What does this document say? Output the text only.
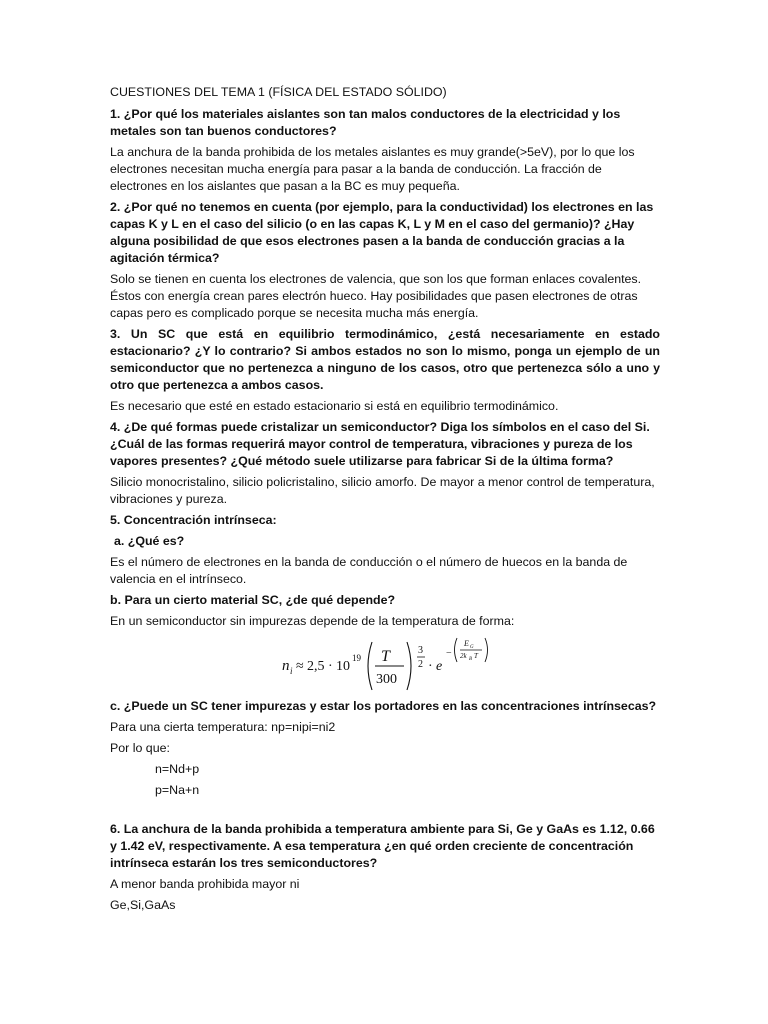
CUESTIONES DEL TEMA 1 (FÍSICA DEL ESTADO SÓLIDO)

1. ¿Por qué los materiales aislantes son tan malos conductores de la electricidad y los metales son tan buenos conductores?

La anchura de la banda prohibida de los metales aislantes es muy grande(>5eV), por lo que los electrones necesitan mucha energía para pasar a la banda de conducción. La fracción de electrones en los aislantes que pasan a la BC es muy pequeña.

2. ¿Por qué no tenemos en cuenta (por ejemplo, para la conductividad) los electrones en las capas K y L en el caso del silicio (o en las capas K, L y M en el caso del germanio)? ¿Hay alguna posibilidad de que esos electrones pasen a la banda de conducción gracias a la agitación térmica?

Solo se tienen en cuenta los electrones de valencia, que son los que forman enlaces covalentes. Éstos con energía crean pares electrón hueco. Hay posibilidades que pasen electrones de otras capas pero es complicado porque se necesita mucha más energía.

3. Un SC que está en equilibrio termodinámico, ¿está necesariamente en estado estacionario? ¿Y lo contrario? Si ambos estados no son lo mismo, ponga un ejemplo de un semiconductor que no pertenezca a ninguno de los casos, otro que pertenezca sólo a uno y otro que pertenezca a ambos casos.

Es necesario que esté en estado estacionario si está en equilibrio termodinámico.

4. ¿De qué formas puede cristalizar un semiconductor? Diga los símbolos en el caso del Si. ¿Cuál de las formas requerirá mayor control de temperatura, vibraciones y pureza de los vapores presentes? ¿Qué método suele utilizarse para fabricar Si de la última forma?

Silicio monocristalino, silicio policristalino, silicio amorfo. De mayor a menor control de temperatura, vibraciones y pureza.

5. Concentración intrínseca:

a. ¿Qué es?

Es el número de electrones en la banda de conducción o el número de huecos en la banda de valencia en el intrínseco.

b. Para un cierto material SC, ¿de qué depende?

En un semiconductor sin impurezas depende de la temperatura de forma:

n i ≈ 2,5 · 10
19 T
300
3
2 · e
−
E G
2k B T

c. ¿Puede un SC tener impurezas y estar los portadores en las concentraciones intrínsecas?

Para una cierta temperatura: np=nipi=ni2

Por lo que:

n=Nd+p

p=Na+n

6. La anchura de la banda prohibida a temperatura ambiente para Si, Ge y GaAs es 1.12, 0.66 y 1.42 eV, respectivamente. A esa temperatura ¿en qué orden creciente de concentración intrínseca estarán los tres semiconductores?

A menor banda prohibida mayor ni

Ge,Si,GaAs
